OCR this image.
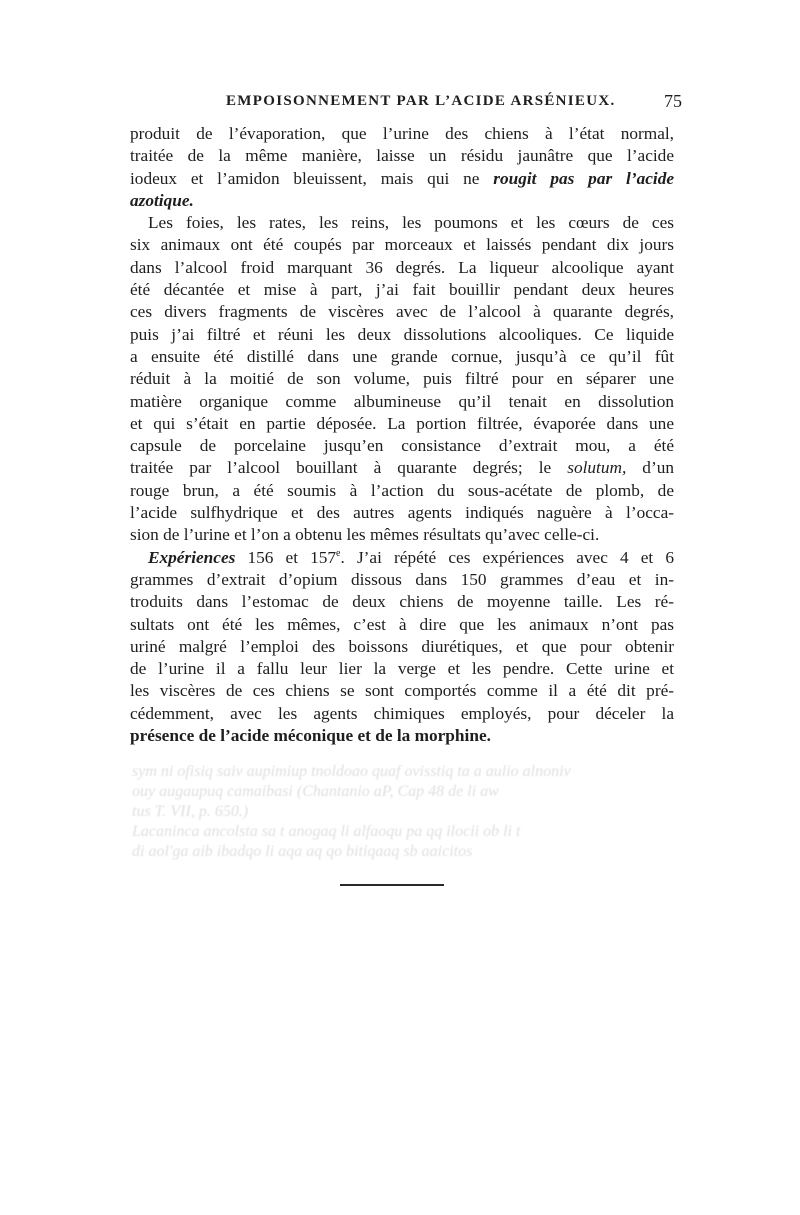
EMPOISONNEMENT PAR L’ACIDE ARSÉNIEUX.	75
produit de l’évaporation, que l’urine des chiens à l’état normal,
traitée de la même manière, laisse un résidu jaunâtre que l’acide
iodeux et l’amidon bleuissent, mais qui ne rougit pas par l’acide
azotique.
Les foies, les rates, les reins, les poumons et les cœurs de ces
six animaux ont été coupés par morceaux et laissés pendant dix jours
dans l’alcool froid marquant 36 degrés. La liqueur alcoolique ayant
été décantée et mise à part, j’ai fait bouillir pendant deux heures
ces divers fragments de viscères avec de l’alcool à quarante degrés,
puis j’ai filtré et réuni les deux dissolutions alcooliques. Ce liquide
a ensuite été distillé dans une grande cornue, jusqu’à ce qu’il fût
réduit à la moitié de son volume, puis filtré pour en séparer une
matière organique comme albumineuse qu’il tenait en dissolution
et qui s’était en partie déposée. La portion filtrée, évaporée dans une
capsule de porcelaine jusqu’en consistance d’extrait mou, a été
traitée par l’alcool bouillant à quarante degrés; le solutum, d’un
rouge brun, a été soumis à l’action du sous-acétate de plomb, de
l’acide sulfhydrique et des autres agents indiqués naguère à l’occa-
sion de l’urine et l’on a obtenu les mêmes résultats qu’avec celle-ci.
Expériences 156 et 157e. J’ai répété ces expériences avec 4 et 6
grammes d’extrait d’opium dissous dans 150 grammes d’eau et in-
troduits dans l’estomac de deux chiens de moyenne taille. Les ré-
sultats ont été les mêmes, c’est à dire que les animaux n’ont pas
uriné malgré l’emploi des boissons diurétiques, et que pour obtenir
de l’urine il a fallu leur lier la verge et les pendre. Cette urine et
les viscères de ces chiens se sont comportés comme il a été dit pré-
cédemment, avec les agents chimiques employés, pour déceler la
présence de l’acide méconique et de la morphine.
sym ni ofisiq saiv aupimiup tnoldoao quaf ovisstiq ta a aulio alnoniv
ouy augaupuq camaibasi (Chantanio aP, Cap 48 de li aw
tus T. VII, p. 650.)
Lacaninca ancolsta sa t anogaq li alfaoqu pa qq ilocii ob li t
di aol'ga aib ibadqo li aqa aq qo bitiqaaq sb aaicitos
